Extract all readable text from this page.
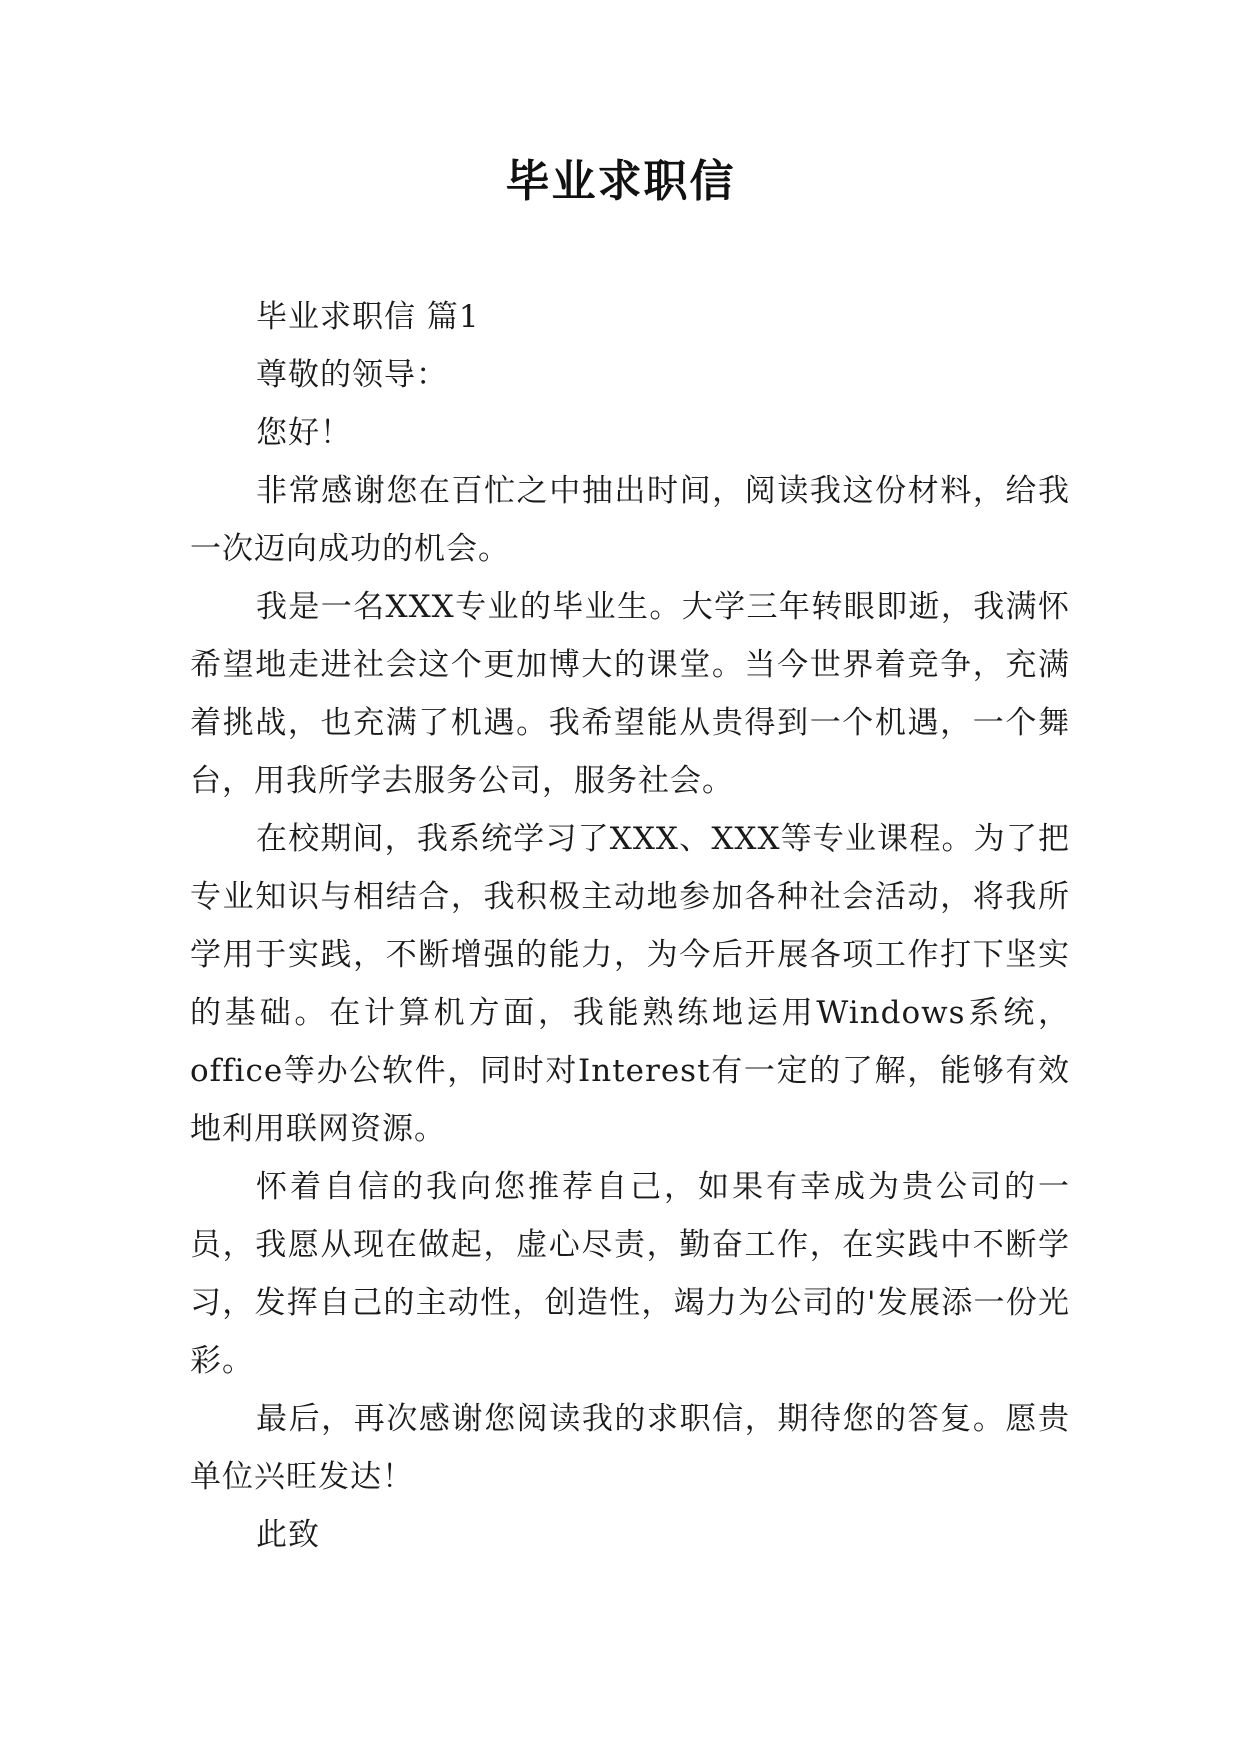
毕业求职信

毕业求职信 篇1

尊敬的领导：

您好！

非常感谢您在百忙之中抽出时间，阅读我这份材料，给我一次迈向成功的机会。

我是一名XXX专业的毕业生。大学三年转眼即逝，我满怀希望地走进社会这个更加博大的课堂。当今世界着竞争，充满着挑战，也充满了机遇。我希望能从贵得到一个机遇，一个舞台，用我所学去服务公司，服务社会。

在校期间，我系统学习了XXX、XXX等专业课程。为了把专业知识与相结合，我积极主动地参加各种社会活动，将我所学用于实践，不断增强的能力，为今后开展各项工作打下坚实的基础。在计算机方面，我能熟练地运用Windows系统，office等办公软件，同时对Interest有一定的了解，能够有效地利用联网资源。

怀着自信的我向您推荐自己，如果有幸成为贵公司的一员，我愿从现在做起，虚心尽责，勤奋工作，在实践中不断学习，发挥自己的主动性，创造性，竭力为公司的'发展添一份光彩。

最后，再次感谢您阅读我的求职信，期待您的答复。愿贵单位兴旺发达！

此致
